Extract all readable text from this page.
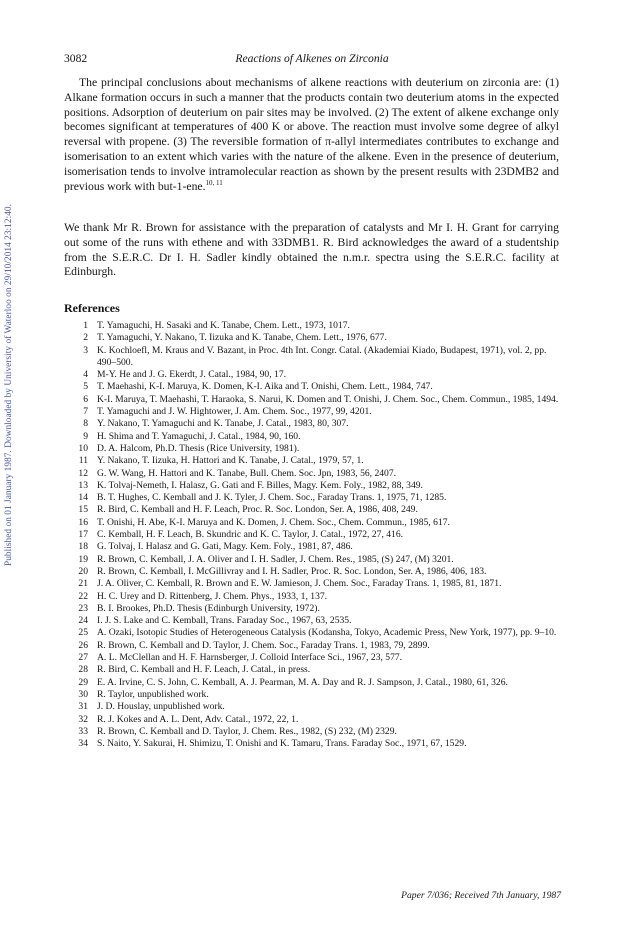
Published on 01 January 1987. Downloaded by University of Waterloo on 29/10/2014 23:12:40.
3082	Reactions of Alkenes on Zirconia

The principal conclusions about mechanisms of alkene reactions with deuterium on zirconia are: (1) Alkane formation occurs in such a manner that the products contain two deuterium atoms in the expected positions. Adsorption of deuterium on pair sites may be involved. (2) The extent of alkene exchange only becomes significant at temperatures of 400 K or above. The reaction must involve some degree of alkyl reversal with propene. (3) The reversible formation of π-allyl intermediates contributes to exchange and isomerisation to an extent which varies with the nature of the alkene. Even in the presence of deuterium, isomerisation tends to involve intramolecular reaction as shown by the present results with 23DMB2 and previous work with but-1-ene.$^{10, 11}$

We thank Mr R. Brown for assistance with the preparation of catalysts and Mr I. H. Grant for carrying out some of the runs with ethene and with 33DMB1. R. Bird acknowledges the award of a studentship from the S.E.R.C. Dr I. H. Sadler kindly obtained the n.m.r. spectra using the S.E.R.C. facility at Edinburgh.

References
1 T. Yamaguchi, H. Sasaki and K. Tanabe, Chem. Lett., 1973, 1017.
2 T. Yamaguchi, Y. Nakano, T. Iizuka and K. Tanabe, Chem. Lett., 1976, 677.
3 K. Kochloefl, M. Kraus and V. Bazant, in Proc. 4th Int. Congr. Catal. (Akademiai Kiado, Budapest, 1971), vol. 2, pp. 490–500.
4 M-Y. He and J. G. Ekerdt, J. Catal., 1984, 90, 17.
5 T. Maehashi, K-I. Maruya, K. Domen, K-I. Aika and T. Onishi, Chem. Lett., 1984, 747.
6 K-I. Maruya, T. Maehashi, T. Haraoka, S. Narui, K. Domen and T. Onishi, J. Chem. Soc., Chem. Commun., 1985, 1494.
7 T. Yamaguchi and J. W. Hightower, J. Am. Chem. Soc., 1977, 99, 4201.
8 Y. Nakano, T. Yamaguchi and K. Tanabe, J. Catal., 1983, 80, 307.
9 H. Shima and T. Yamaguchi, J. Catal., 1984, 90, 160.
10 D. A. Halcom, Ph.D. Thesis (Rice University, 1981).
11 Y. Nakano, T. Iizuka, H. Hattori and K. Tanabe, J. Catal., 1979, 57, 1.
12 G. W. Wang, H. Hattori and K. Tanabe, Bull. Chem. Soc. Jpn, 1983, 56, 2407.
13 K. Tolvaj-Nemeth, I. Halasz, G. Gati and F. Billes, Magy. Kem. Foly., 1982, 88, 349.
14 B. T. Hughes, C. Kemball and J. K. Tyler, J. Chem. Soc., Faraday Trans. 1, 1975, 71, 1285.
15 R. Bird, C. Kemball and H. F. Leach, Proc. R. Soc. London, Ser. A, 1986, 408, 249.
16 T. Onishi, H. Abe, K-I. Maruya and K. Domen, J. Chem. Soc., Chem. Commun., 1985, 617.
17 C. Kemball, H. F. Leach, B. Skundric and K. C. Taylor, J. Catal., 1972, 27, 416.
18 G. Tolvaj, I. Halasz and G. Gati, Magy. Kem. Foly., 1981, 87, 486.
19 R. Brown, C. Kemball, J. A. Oliver and I. H. Sadler, J. Chem. Res., 1985, (S) 247, (M) 3201.
20 R. Brown, C. Kemball, I. McGillivray and I. H. Sadler, Proc. R. Soc. London, Ser. A, 1986, 406, 183.
21 J. A. Oliver, C. Kemball, R. Brown and E. W. Jamieson, J. Chem. Soc., Faraday Trans. 1, 1985, 81, 1871.
22 H. C. Urey and D. Rittenberg, J. Chem. Phys., 1933, 1, 137.
23 B. I. Brookes, Ph.D. Thesis (Edinburgh University, 1972).
24 I. J. S. Lake and C. Kemball, Trans. Faraday Soc., 1967, 63, 2535.
25 A. Ozaki, Isotopic Studies of Heterogeneous Catalysis (Kodansha, Tokyo, Academic Press, New York, 1977), pp. 9–10.
26 R. Brown, C. Kemball and D. Taylor, J. Chem. Soc., Faraday Trans. 1, 1983, 79, 2899.
27 A. L. McClellan and H. F. Harnsberger, J. Colloid Interface Sci., 1967, 23, 577.
28 R. Bird, C. Kemball and H. F. Leach, J. Catal., in press.
29 E. A. Irvine, C. S. John, C. Kemball, A. J. Pearman, M. A. Day and R. J. Sampson, J. Catal., 1980, 61, 326.
30 R. Taylor, unpublished work.
31 J. D. Houslay, unpublished work.
32 R. J. Kokes and A. L. Dent, Adv. Catal., 1972, 22, 1.
33 R. Brown, C. Kemball and D. Taylor, J. Chem. Res., 1982, (S) 232, (M) 2329.
34 S. Naito, Y. Sakurai, H. Shimizu, T. Onishi and K. Tamaru, Trans. Faraday Soc., 1971, 67, 1529.
Paper 7/036; Received 7th January, 1987
